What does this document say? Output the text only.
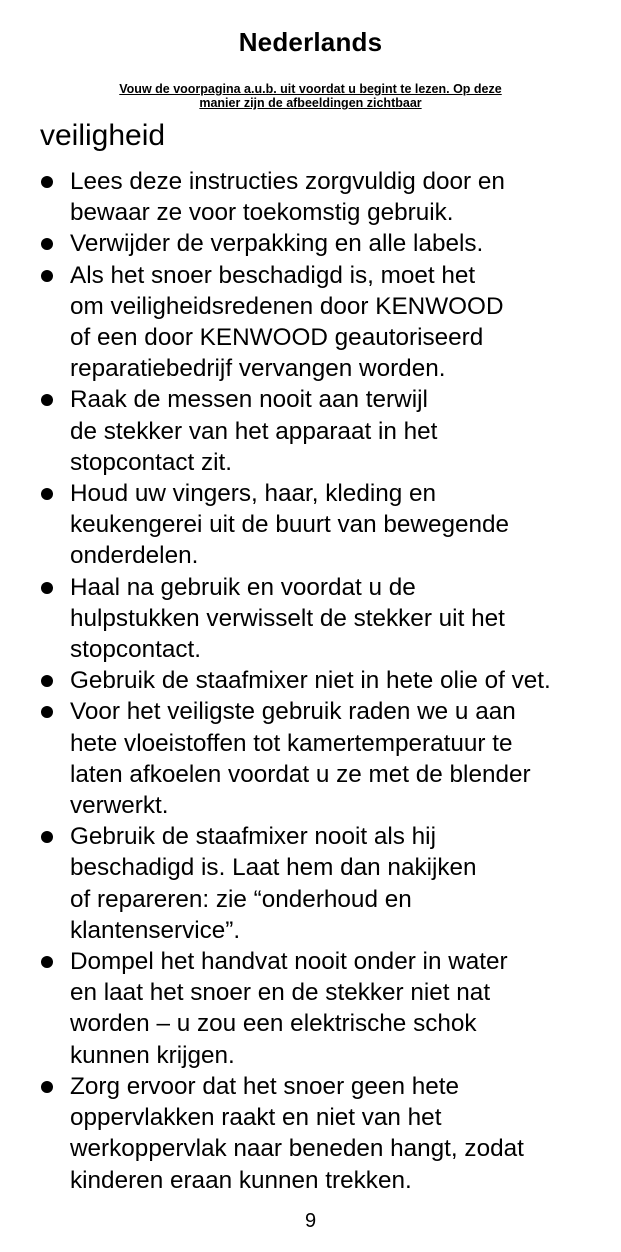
Nederlands
Vouw de voorpagina a.u.b. uit voordat u begint te lezen. Op deze
manier zijn de afbeeldingen zichtbaar
veiligheid
Lees deze instructies zorgvuldig door en
bewaar ze voor toekomstig gebruik.
Verwijder de verpakking en alle labels.
Als het snoer beschadigd is, moet het
om veiligheidsredenen door KENWOOD
of een door KENWOOD geautoriseerd
reparatiebedrijf vervangen worden.
Raak de messen nooit aan terwijl
de stekker van het apparaat in het
stopcontact zit.
Houd uw vingers, haar, kleding en
keukengerei uit de buurt van bewegende
onderdelen.
Haal na gebruik en voordat u de
hulpstukken verwisselt de stekker uit het
stopcontact.
Gebruik de staafmixer niet in hete olie of vet.
Voor het veiligste gebruik raden we u aan
hete vloeistoffen tot kamertemperatuur te
laten afkoelen voordat u ze met de blender
verwerkt.
Gebruik de staafmixer nooit als hij
beschadigd is. Laat hem dan nakijken
of repareren: zie “onderhoud en
klantenservice”.
Dompel het handvat nooit onder in water
en laat het snoer en de stekker niet nat
worden – u zou een elektrische schok
kunnen krijgen.
Zorg ervoor dat het snoer geen hete
oppervlakken raakt en niet van het
werkoppervlak naar beneden hangt, zodat
kinderen eraan kunnen trekken.
9
